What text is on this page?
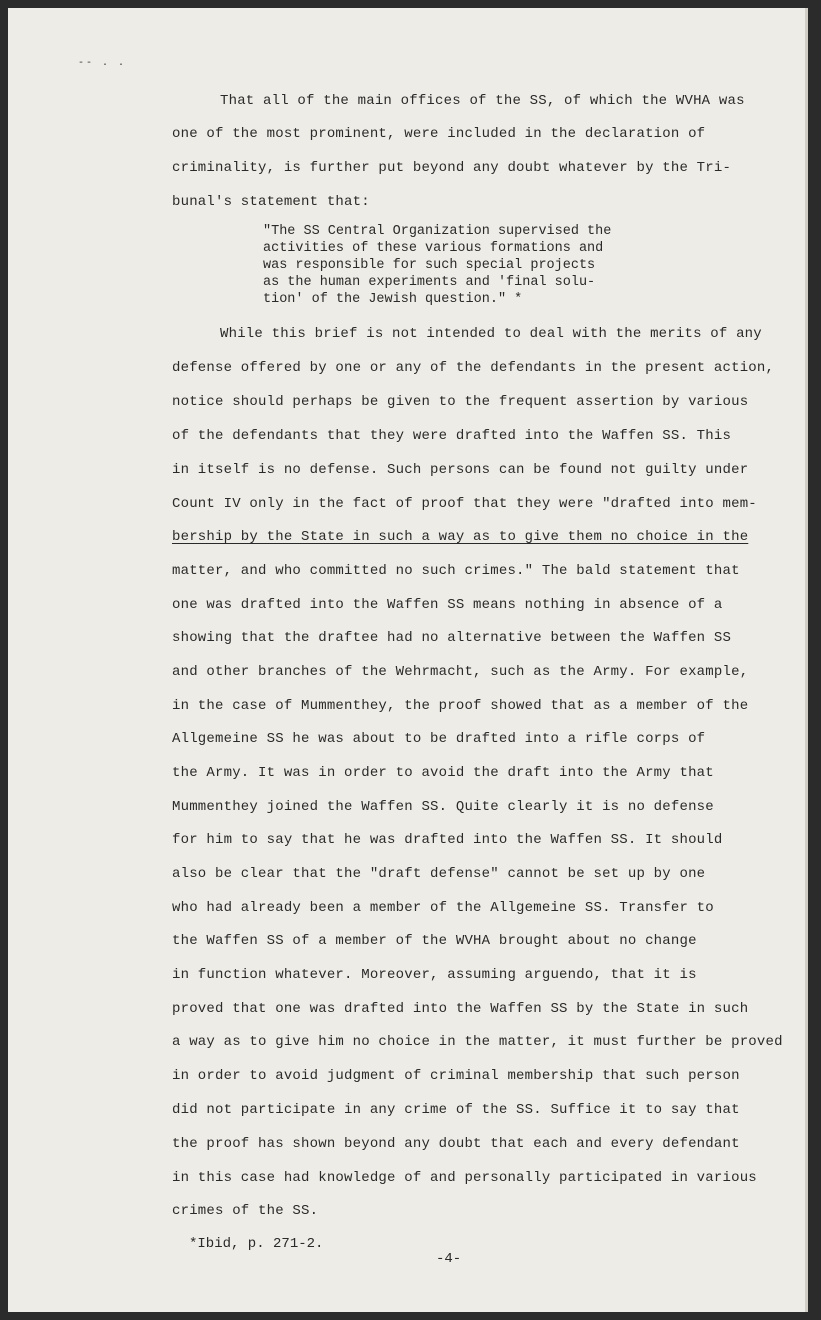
-- . .
That all of the main offices of the SS, of which the WVHA was
one of the most prominent, were included in the declaration of
criminality, is further put beyond any doubt whatever by the Tri-
bunal's statement that:
"The SS Central Organization supervised the
activities of these various formations and
was responsible for such special projects
as the human experiments and 'final solu-
tion' of the Jewish question." *
While this brief is not intended to deal with the merits of any
defense offered by one or any of the defendants in the present action,
notice should perhaps be given to the frequent assertion by various
of the defendants that they were drafted into the Waffen SS. This
in itself is no defense. Such persons can be found not guilty under
Count IV only in the fact of proof that they were "drafted into mem-
bership by the State in such a way as to give them no choice in the
matter, and who committed no such crimes." The bald statement that
one was drafted into the Waffen SS means nothing in absence of a
showing that the draftee had no alternative between the Waffen SS
and other branches of the Wehrmacht, such as the Army. For example,
in the case of Mummenthey, the proof showed that as a member of the
Allgemeine SS he was about to be drafted into a rifle corps of
the Army. It was in order to avoid the draft into the Army that
Mummenthey joined the Waffen SS. Quite clearly it is no defense
for him to say that he was drafted into the Waffen SS. It should
also be clear that the "draft defense" cannot be set up by one
who had already been a member of the Allgemeine SS. Transfer to
the Waffen SS of a member of the WVHA brought about no change
in function whatever. Moreover, assuming arguendo, that it is
proved that one was drafted into the Waffen SS by the State in such
a way as to give him no choice in the matter, it must further be proved
in order to avoid judgment of criminal membership that such person
did not participate in any crime of the SS. Suffice it to say that
the proof has shown beyond any doubt that each and every defendant
in this case had knowledge of and personally participated in various
crimes of the SS.
*Ibid, p. 271-2.
-4-
